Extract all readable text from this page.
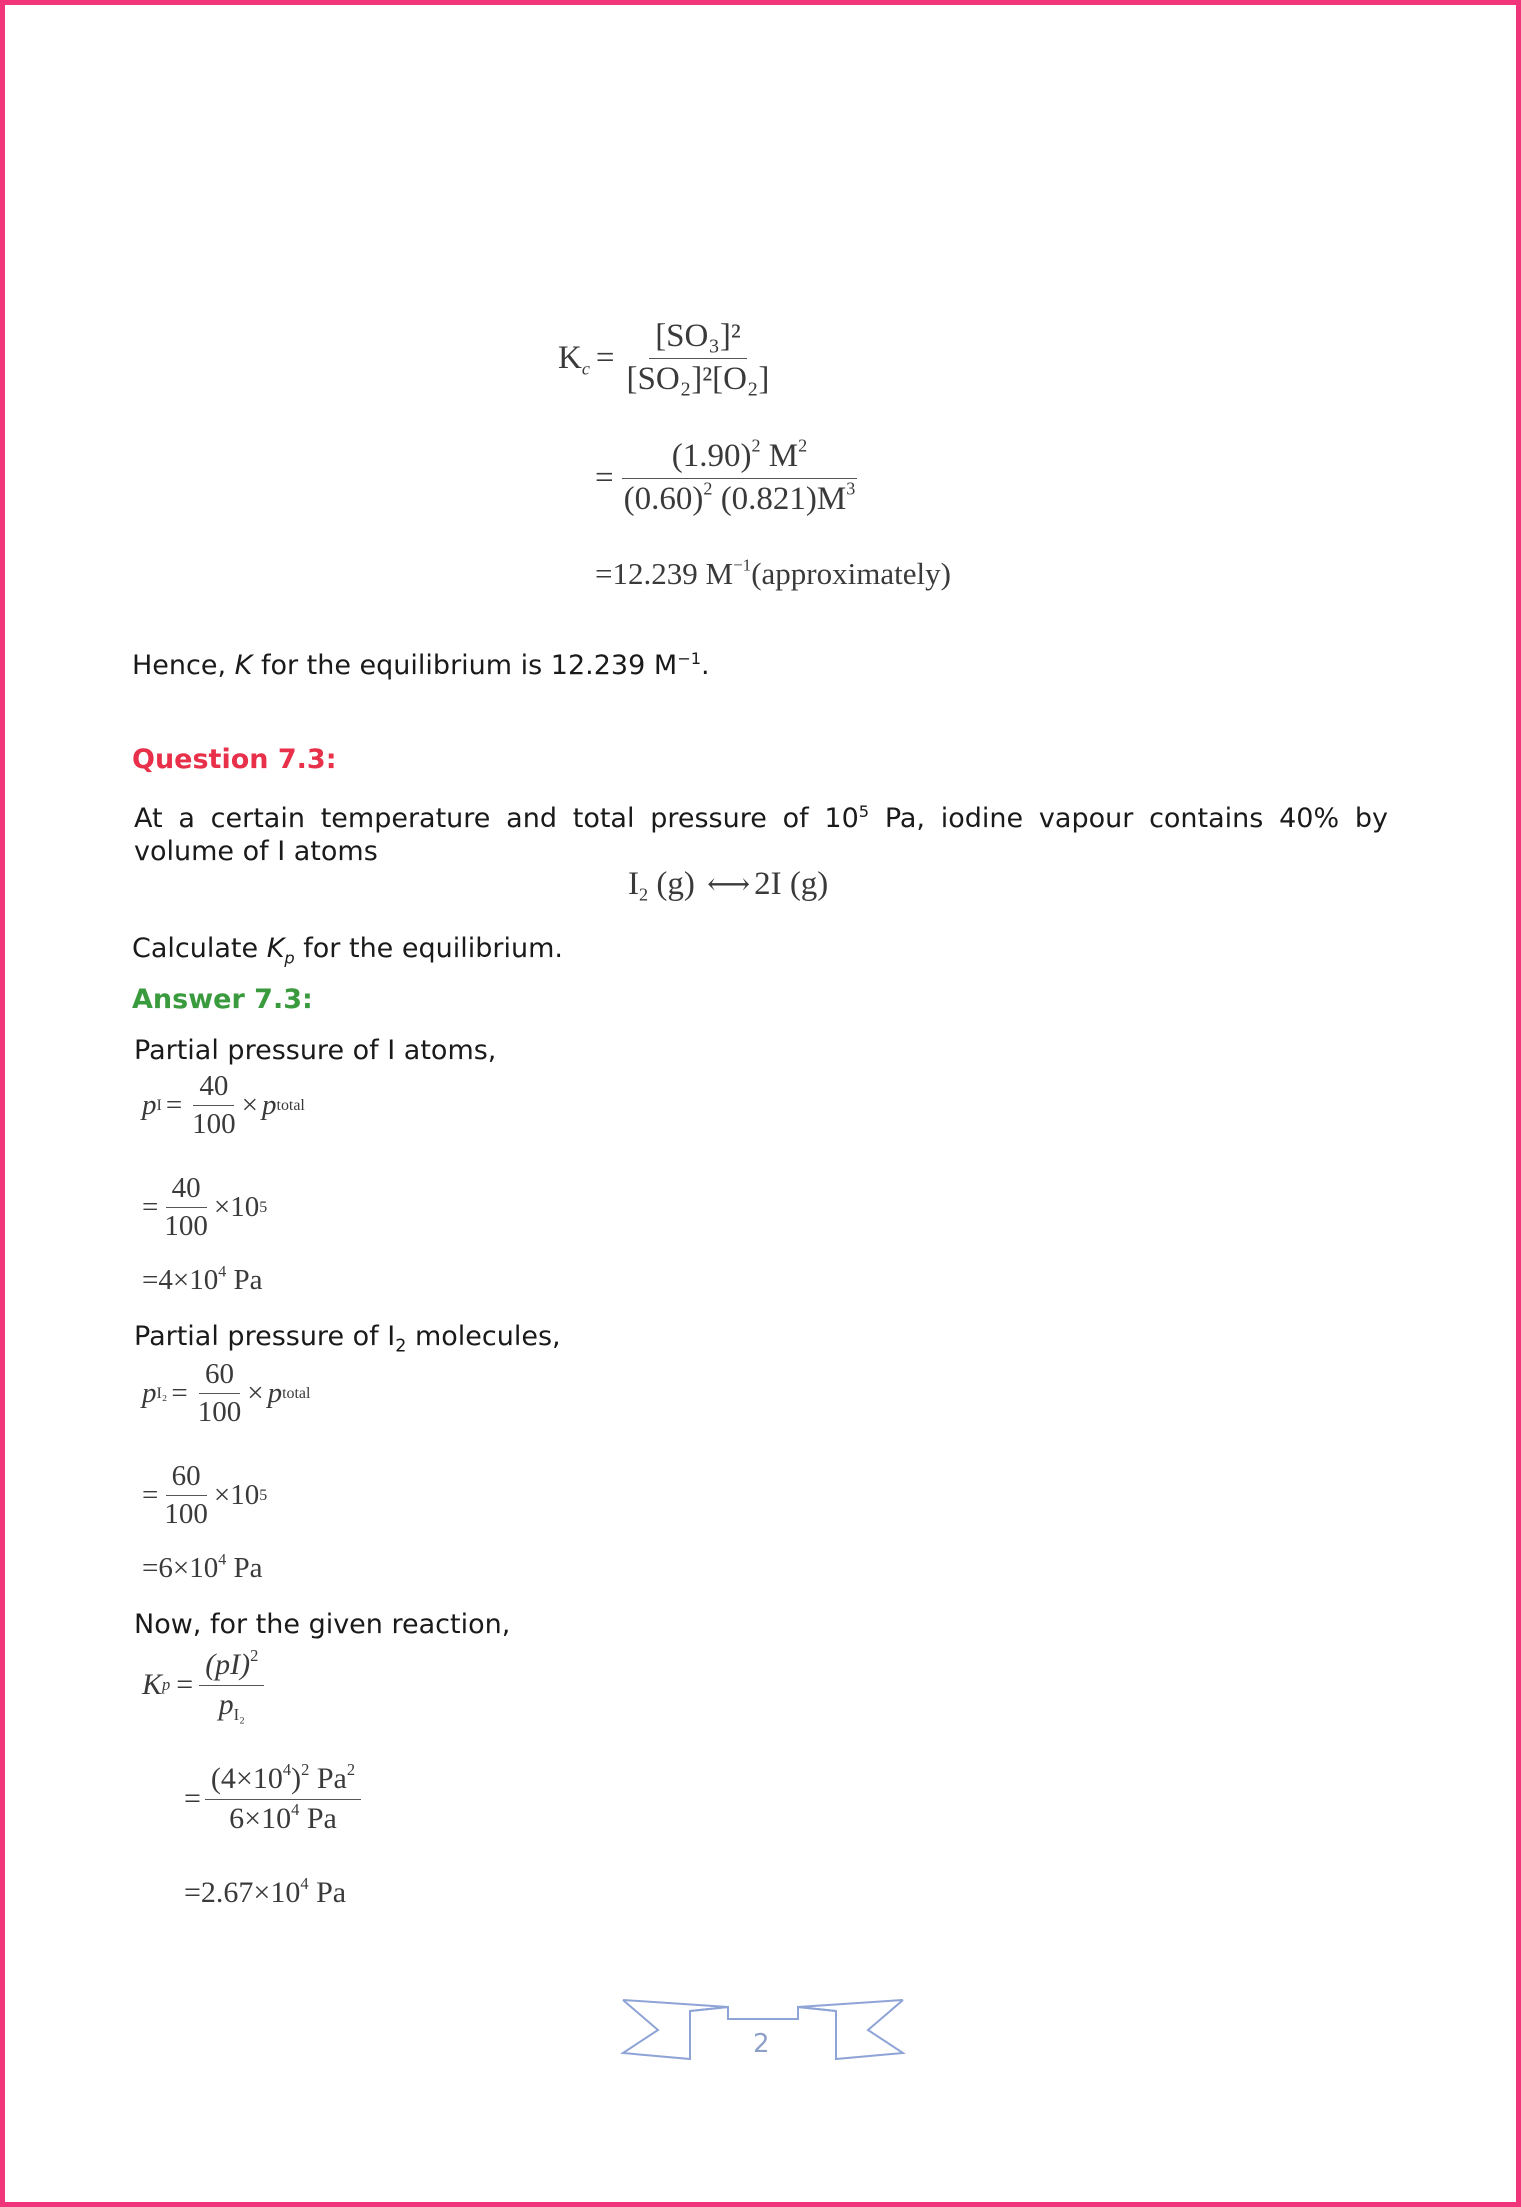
$K_c = \frac{\text{[SO₃]²}}{\text{[SO₂]²[O₂]}}$
= $\frac{(1.90)^2 M^2}{(0.60)^2 (0.821)M^3}$
=12.239 $M^{-1}(approximately)$
Hence, K for the equilibrium is 12.239 $M^{-1}$.
Question 7.3:
At a certain temperature and total pressure of $10^5$ Pa, iodine vapour contains 40% by volume of I atoms
$I_2$ (g) ⟷ 2I (g)
Calculate $K_p$ for the equilibrium.
Answer 7.3:
Partial pressure of I atoms,
p $I = \frac{40}{100} \times p$ total
= $\frac{40}{100} \times 10$ 5
$=4\times 10^4$ Pa
Partial pressure of $I_2$ molecules,
p $I_2 = \frac{60}{100} \times p$ total
= $\frac{60}{100} \times 10$ 5
$=6\times 10^4$ Pa
Now, for the given reaction,
K $p = \frac{(pI)^2}{p_{I_2}}$
= $\frac{(4\times 10^4)^2 Pa^2}{6\times 10^4 Pa}$
$=2.67\times 10^4$ Pa
2
